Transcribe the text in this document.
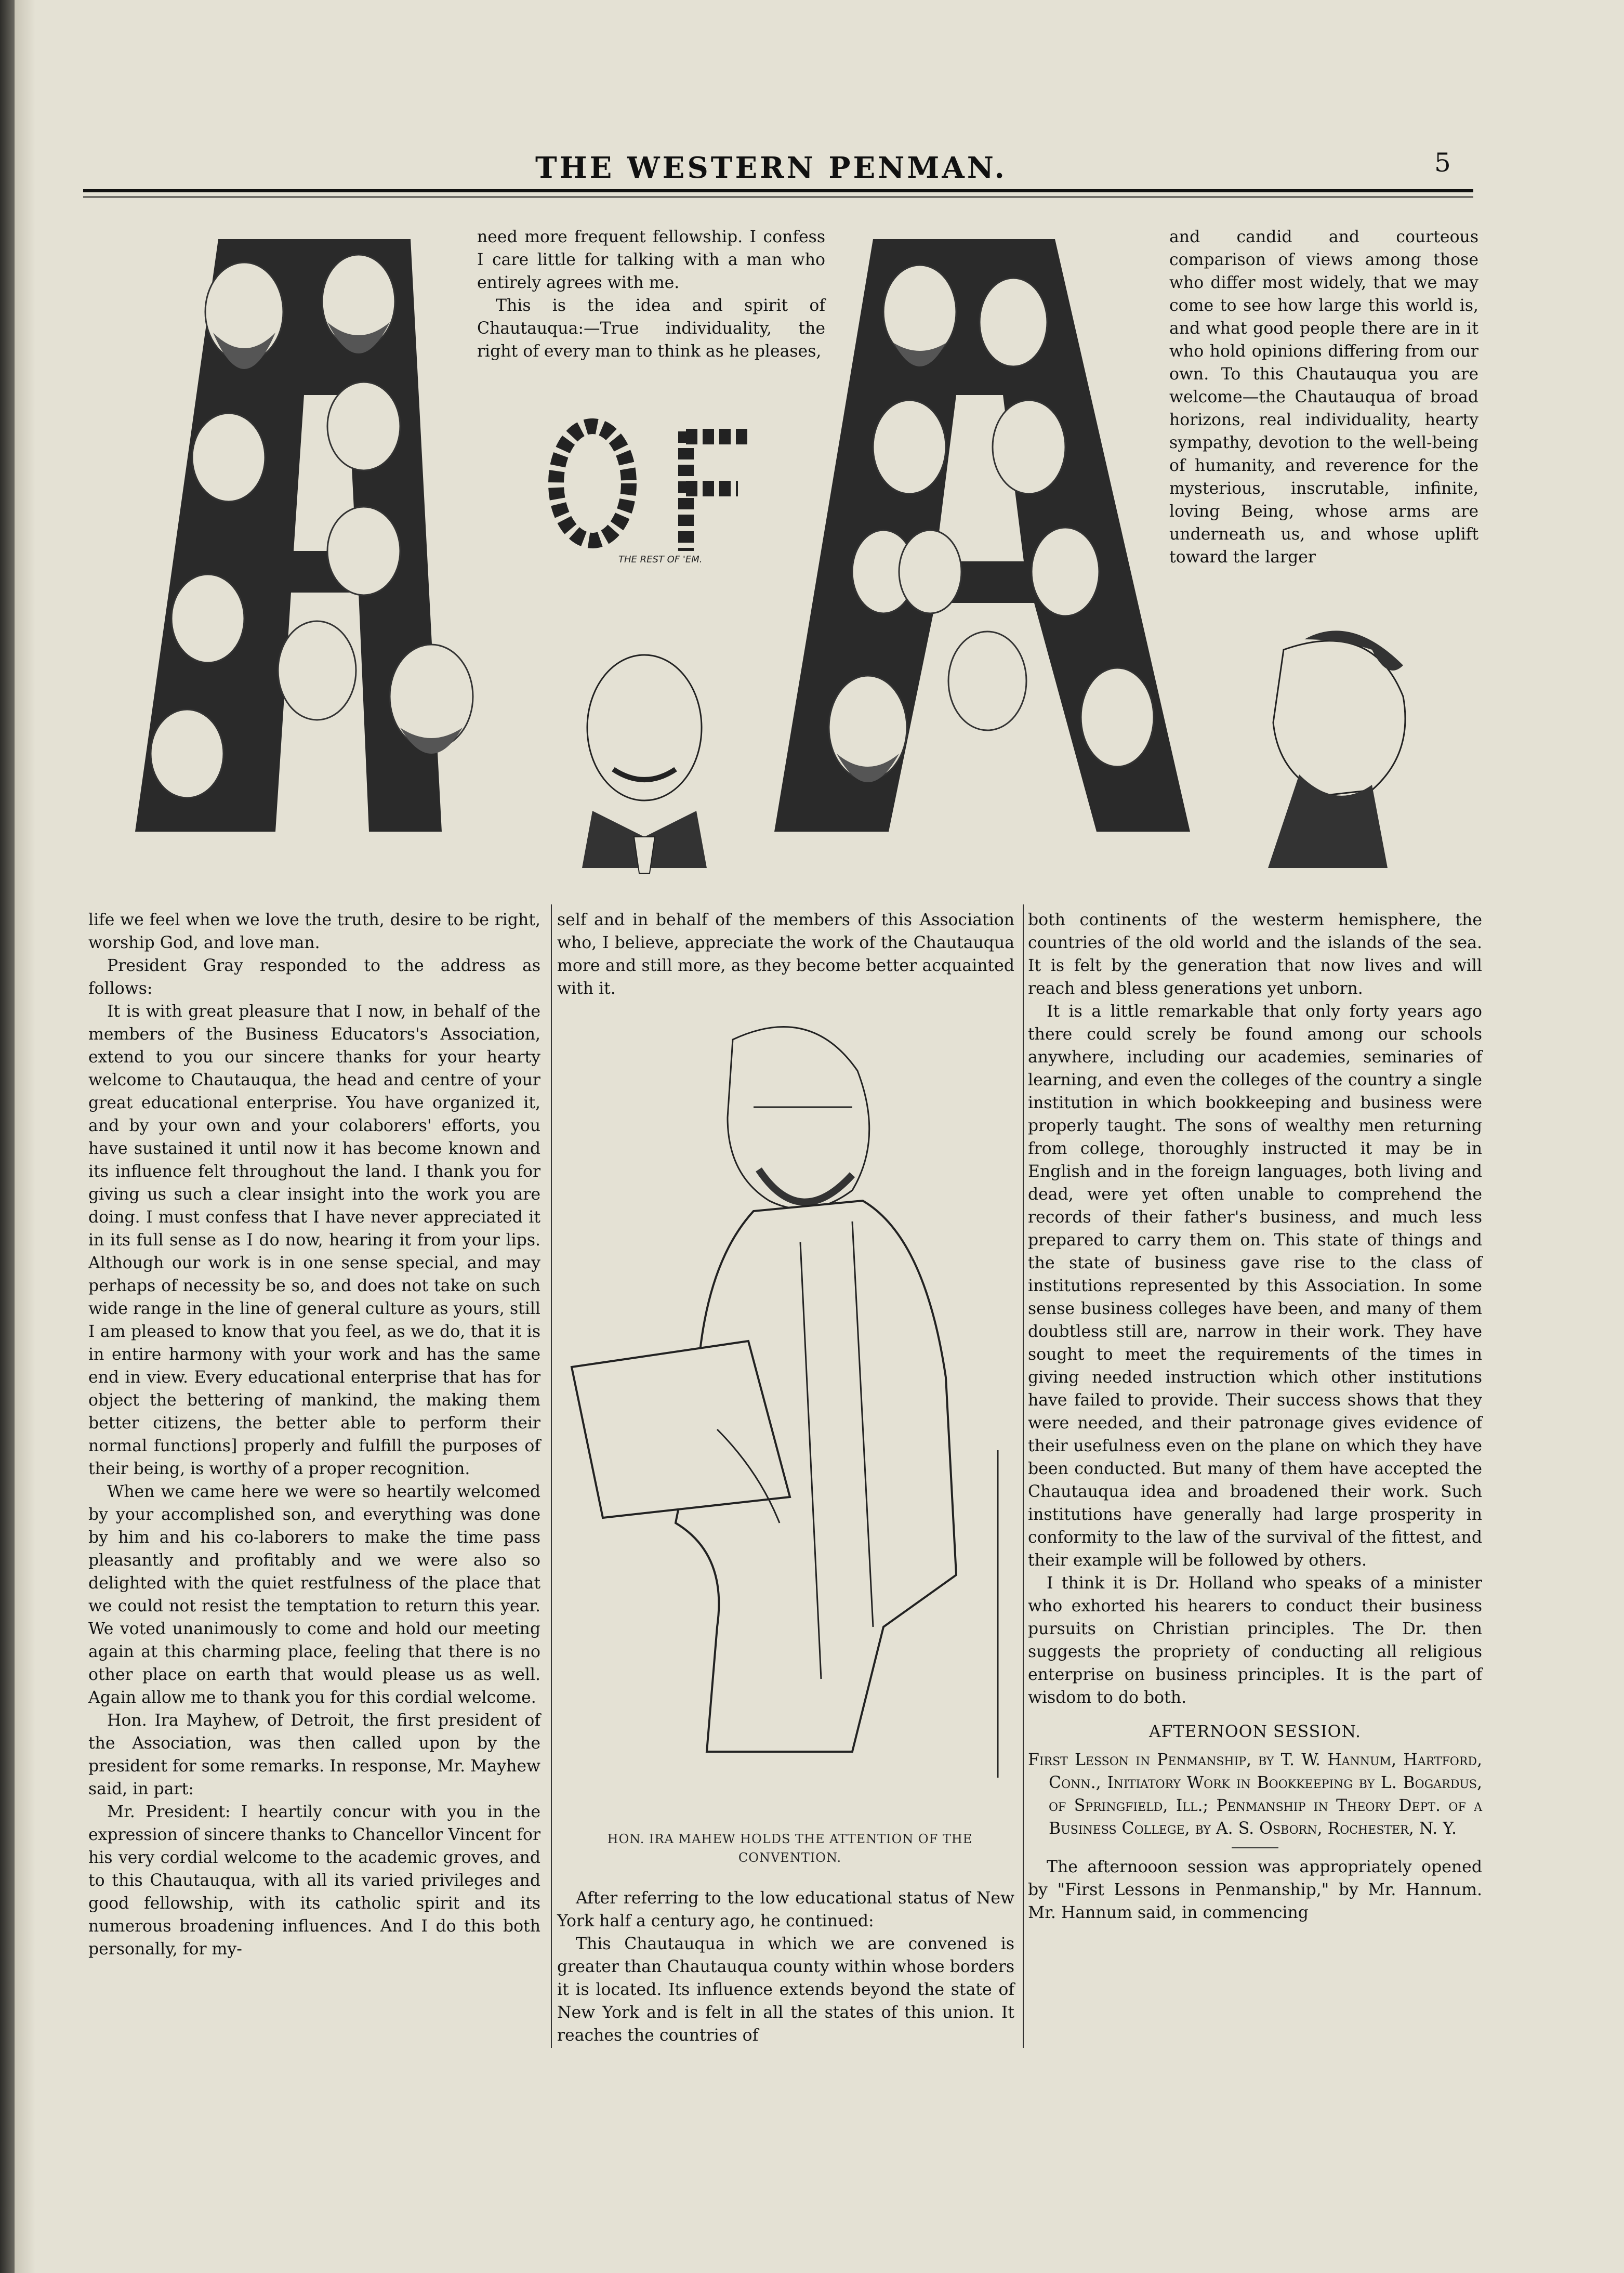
THE WESTERN PENMAN.	5
THE REST OF 'EM.

need more frequent fellowship. I confess I care little for talking with a man who entirely agrees with me.

This is the idea and spirit of Chautauqua:—True individuality, the right of every man to think as he pleases,

and candid and courteous comparison of views among those who differ most widely, that we may come to see how large this world is, and what good people there are in it who hold opinions differing from our own. To this Chautauqua you are welcome—the Chautauqua of broad horizons, real individuality, hearty sympathy, devotion to the well-being of humanity, and reverence for the mysterious, inscrutable, infinite, loving Being, whose arms are underneath us, and whose uplift toward the larger

life we feel when we love the truth, desire to be right, worship God, and love man.

President Gray responded to the address as follows:

It is with great pleasure that I now, in behalf of the members of the Business Educators's Association, extend to you our sincere thanks for your hearty welcome to Chautauqua, the head and centre of your great educational enterprise. You have organized it, and by your own and your colaborers' efforts, you have sustained it until now it has become known and its influence felt throughout the land. I thank you for giving us such a clear insight into the work you are doing. I must confess that I have never appreciated it in its full sense as I do now, hearing it from your lips. Although our work is in one sense special, and may perhaps of necessity be so, and does not take on such wide range in the line of general culture as yours, still I am pleased to know that you feel, as we do, that it is in entire harmony with your work and has the same end in view. Every educational enterprise that has for object the bettering of mankind, the making them better citizens, the better able to perform their normal functions] properly and fulfill the purposes of their being, is worthy of a proper recognition.

When we came here we were so heartily welcomed by your accomplished son, and everything was done by him and his co-laborers to make the time pass pleasantly and profitably and we were also so delighted with the quiet restfulness of the place that we could not resist the temptation to return this year. We voted unanimously to come and hold our meeting again at this charming place, feeling that there is no other place on earth that would please us as well. Again allow me to thank you for this cordial welcome.

Hon. Ira Mayhew, of Detroit, the first president of the Association, was then called upon by the president for some remarks. In response, Mr. Mayhew said, in part:

Mr. President: I heartily concur with you in the expression of sincere thanks to Chancellor Vincent for his very cordial welcome to the academic groves, and to this Chautauqua, with all its varied privileges and good fellowship, with its catholic spirit and its numerous broadening influences. And I do this both personally, for my-

self and in behalf of the members of this Association who, I believe, appreciate the work of the Chautauqua more and still more, as they become better acquainted with it.

HON. IRA MAHEW HOLDS THE ATTENTION OF THE CONVENTION.

After referring to the low educational status of New York half a century ago, he continued:

This Chautauqua in which we are convened is greater than Chautauqua county within whose borders it is located. Its influence extends beyond the state of New York and is felt in all the states of this union. It reaches the countries of

both continents of the westerm hemisphere, the countries of the old world and the islands of the sea. It is felt by the generation that now lives and will reach and bless generations yet unborn.

It is a little remarkable that only forty years ago there could screly be found among our schools anywhere, including our academies, seminaries of learning, and even the colleges of the country a single institution in which bookkeeping and business were properly taught. The sons of wealthy men returning from college, thoroughly instructed it may be in English and in the foreign languages, both living and dead, were yet often unable to comprehend the records of their father's business, and much less prepared to carry them on. This state of things and the state of business gave rise to the class of institutions represented by this Association. In some sense business colleges have been, and many of them doubtless still are, narrow in their work. They have sought to meet the requirements of the times in giving needed instruction which other institutions have failed to provide. Their success shows that they were needed, and their patronage gives evidence of their usefulness even on the plane on which they have been conducted. But many of them have accepted the Chautauqua idea and broadened their work. Such institutions have generally had large prosperity in conformity to the law of the survival of the fittest, and their example will be followed by others.

I think it is Dr. Holland who speaks of a minister who exhorted his hearers to conduct their business pursuits on Christian principles. The Dr. then suggests the propriety of conducting all religious enterprise on business principles. It is the part of wisdom to do both.

AFTERNOON SESSION.

First Lesson in Penmanship, by T. W. Hannum, Hartford, Conn., Initiatory Work in Bookkeeping by L. Bogardus, of Springfield, Ill.; Penmanship in Theory Dept. of a Business College, by A. S. Osborn, Rochester, N. Y.

The afternooon session was appropriately opened by "First Lessons in Penmanship," by Mr. Hannum. Mr. Hannum said, in commencing
